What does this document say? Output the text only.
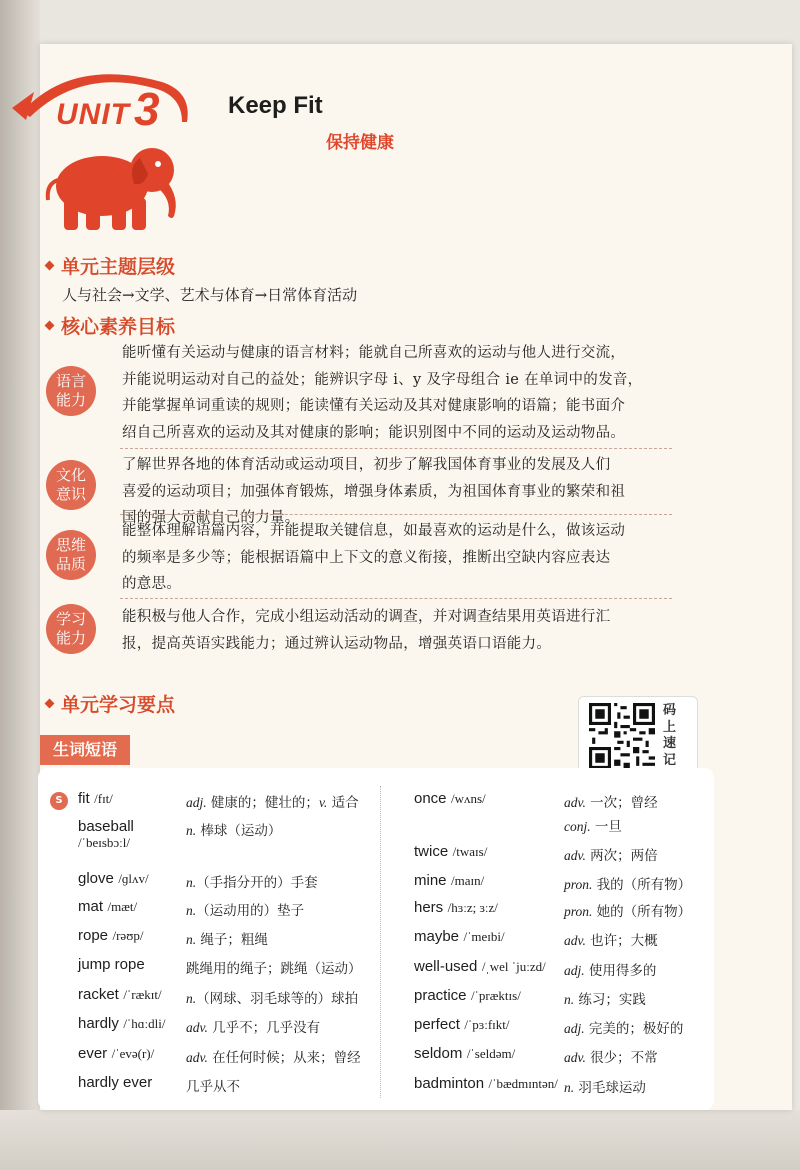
UNIT 3	Keep Fit
保持健康
单元主题层级
人与社会→文学、艺术与体育→日常体育活动
核心素养目标
语言
能力
能听懂有关运动与健康的语言材料；能就自己所喜欢的运动与他人进行交流，
并能说明运动对自己的益处；能辨识字母 i、y 及字母组合 ie 在单词中的发音，
并能掌握单词重读的规则；能读懂有关运动及其对健康影响的语篇；能书面介
绍自己所喜欢的运动及其对健康的影响；能识别图中不同的运动及运动物品。
文化
意识
了解世界各地的体育活动或运动项目，初步了解我国体育事业的发展及人们
喜爱的运动项目；加强体育锻炼，增强身体素质，为祖国体育事业的繁荣和祖
国的强大贡献自己的力量。
思维
品质
能整体理解语篇内容，并能提取关键信息，如最喜欢的运动是什么，做该运动
的频率是多少等；能根据语篇中上下文的意义衔接，推断出空缺内容应表达
的意思。
学习
能力
能积极与他人合作，完成小组运动活动的调查，并对调查结果用英语进行汇
报，提高英语实践能力；通过辨认运动物品，增强英语口语能力。
单元学习要点	码
上
速
记
S	fit /fɪt/	adj. 健康的；健壮的；v. 适合
baseball
/ˈbeɪsbɔːl/
n. 棒球（运动）
glove /ɡlʌv/	n.（手指分开的）手套
mat /mæt/	n.（运动用的）垫子
rope /rəʊp/	n. 绳子；粗绳
jump rope	跳绳用的绳子；跳绳（运动）
racket /ˈrækɪt/ n.（网球、羽毛球等的）球拍
hardly /ˈhɑːdli/ adv. 几乎不；几乎没有
ever /ˈevə(r)/ adv. 在任何时候；从来；曾经
hardly ever	几乎从不
once /wʌns/	adv. 一次；曾经
conj. 一旦
twice /twaɪs/	adv. 两次；两倍
mine /maɪn/	pron. 我的（所有物）
hers /hɜːz; ɜːz/	pron. 她的（所有物）
maybe /ˈmeɪbi/	adv. 也许；大概
well-used /ˌwel ˈjuːzd/ adj. 使用得多的
practice /ˈpræktɪs/	n. 练习；实践
perfect /ˈpɜːfɪkt/	adj. 完美的；极好的
seldom /ˈseldəm/	adv. 很少；不常
badminton /ˈbædmɪntən/ n. 羽毛球运动
生词短语
